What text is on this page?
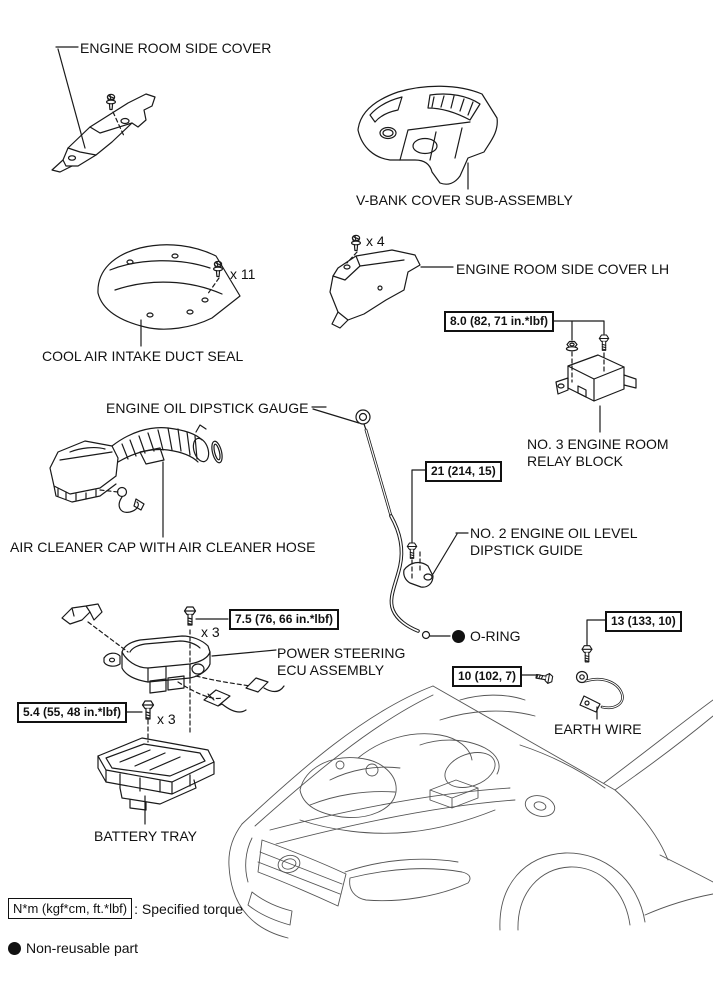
ENGINE ROOM SIDE COVER
V-BANK COVER SUB-ASSEMBLY
x 4
ENGINE ROOM SIDE COVER LH
x 11
COOL AIR INTAKE DUCT SEAL
8.0 (82, 71 in.*lbf)
NO. 3 ENGINE ROOM
RELAY BLOCK
ENGINE OIL DIPSTICK GAUGE
21 (214, 15)
NO. 2 ENGINE OIL LEVEL
DIPSTICK GUIDE
AIR CLEANER CAP WITH AIR CLEANER HOSE
7.5 (76, 66 in.*lbf)
x 3
POWER STEERING
ECU ASSEMBLY
O-RING
13 (133, 10)
10 (102, 7)
EARTH WIRE
5.4 (55, 48 in.*lbf)	x 3
BATTERY TRAY
N*m (kgf*cm, ft.*lbf) : Specified torque
Non-reusable part
